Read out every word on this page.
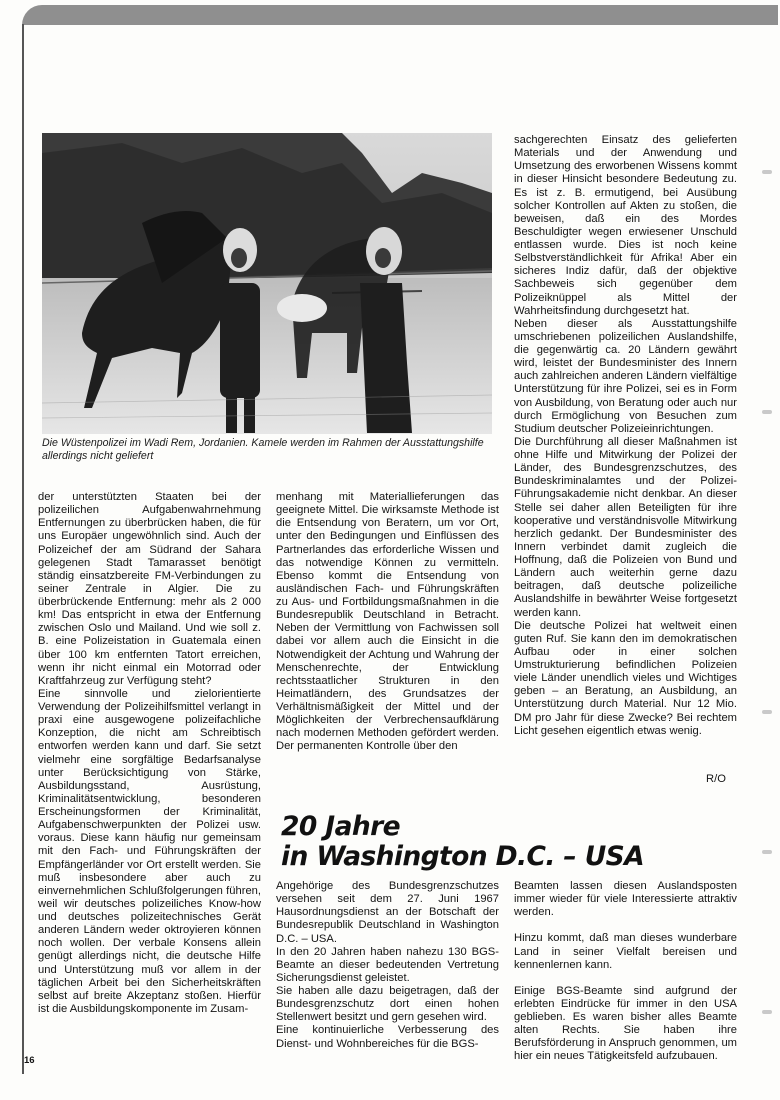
Die Wüstenpolizei im Wadi Rem, Jordanien. Kamele werden im Rahmen der Ausstattungshilfe allerdings nicht geliefert

sachgerechten Einsatz des gelieferten Materials und der Anwendung und Umsetzung des erworbenen Wissens kommt in dieser Hinsicht besondere Bedeutung zu. Es ist z. B. ermutigend, bei Ausübung solcher Kontrollen auf Akten zu stoßen, die beweisen, daß ein des Mordes Beschuldigter wegen erwiesener Unschuld entlassen wurde. Dies ist noch keine Selbstverständlichkeit für Afrika! Aber ein sicheres Indiz dafür, daß der objektive Sachbeweis sich gegenüber dem Polizeiknüppel als Mittel der Wahrheitsfindung durchgesetzt hat.

Neben dieser als Ausstattungshilfe umschriebenen polizeilichen Auslandshilfe, die gegenwärtig ca. 20 Ländern gewährt wird, leistet der Bundesminister des Innern auch zahlreichen anderen Ländern vielfältige Unterstützung für ihre Polizei, sei es in Form von Ausbildung, von Beratung oder auch nur durch Ermöglichung von Besuchen zum Studium deutscher Polizeieinrichtungen.

Die Durchführung all dieser Maßnahmen ist ohne Hilfe und Mitwirkung der Polizei der Länder, des Bundesgrenzschutzes, des Bundeskriminalamtes und der Polizei-Führungsakademie nicht denkbar. An dieser Stelle sei daher allen Beteiligten für ihre kooperative und verständnisvolle Mitwirkung herzlich gedankt. Der Bundesminister des Innern verbindet damit zugleich die Hoffnung, daß die Polizeien von Bund und Ländern auch weiterhin gerne dazu beitragen, daß deutsche polizeiliche Auslandshilfe in bewährter Weise fortgesetzt werden kann.

Die deutsche Polizei hat weltweit einen guten Ruf. Sie kann den im demokratischen Aufbau oder in einer solchen Umstrukturierung befindlichen Polizeien viele Länder unendlich vieles und Wichtiges geben – an Beratung, an Ausbildung, an Unterstützung durch Material. Nur 12 Mio. DM pro Jahr für diese Zwecke? Bei rechtem Licht gesehen eigentlich etwas wenig.

R/O

der unterstützten Staaten bei der polizeilichen Aufgabenwahrnehmung Entfernungen zu überbrücken haben, die für uns Europäer ungewöhnlich sind. Auch der Polizeichef der am Südrand der Sahara gelegenen Stadt Tamarasset benötigt ständig einsatzbereite FM-Verbindungen zu seiner Zentrale in Algier. Die zu überbrückende Entfernung: mehr als 2 000 km! Das entspricht in etwa der Entfernung zwischen Oslo und Mailand. Und wie soll z. B. eine Polizeistation in Guatemala einen über 100 km entfernten Tatort erreichen, wenn ihr nicht einmal ein Motorrad oder Kraftfahrzeug zur Verfügung steht?

Eine sinnvolle und zielorientierte Verwendung der Polizeihilfsmittel verlangt in praxi eine ausgewogene polizeifachliche Konzeption, die nicht am Schreibtisch entworfen werden kann und darf. Sie setzt vielmehr eine sorgfältige Bedarfsanalyse unter Berücksichtigung von Stärke, Ausbildungsstand, Ausrüstung, Kriminalitätsentwicklung, besonderen Erscheinungsformen der Kriminalität, Aufgabenschwerpunkten der Polizei usw. voraus. Diese kann häufig nur gemeinsam mit den Fach- und Führungskräften der Empfängerländer vor Ort erstellt werden. Sie muß insbesondere aber auch zu einvernehmlichen Schlußfolgerungen führen, weil wir deutsches polizeiliches Know-how und deutsches polizeitechnisches Gerät anderen Ländern weder oktroyieren können noch wollen. Der verbale Konsens allein genügt allerdings nicht, die deutsche Hilfe und Unterstützung muß vor allem in der täglichen Arbeit bei den Sicherheitskräften selbst auf breite Akzeptanz stoßen. Hierfür ist die Ausbildungskomponente im Zusam-

menhang mit Materiallieferungen das geeignete Mittel. Die wirksamste Methode ist die Entsendung von Beratern, um vor Ort, unter den Bedingungen und Einflüssen des Partnerlandes das erforderliche Wissen und das notwendige Können zu vermitteln. Ebenso kommt die Entsendung von ausländischen Fach- und Führungskräften zu Aus- und Fortbildungsmaßnahmen in die Bundesrepublik Deutschland in Betracht. Neben der Vermittlung von Fachwissen soll dabei vor allem auch die Einsicht in die Notwendigkeit der Achtung und Wahrung der Menschenrechte, der Entwicklung rechtsstaatlicher Strukturen in den Heimatländern, des Grundsatzes der Verhältnismäßigkeit der Mittel und der Möglichkeiten der Verbrechensaufklärung nach modernen Methoden gefördert werden. Der permanenten Kontrolle über den

20 Jahre
in Washington D.C. – USA

Angehörige des Bundesgrenzschutzes versehen seit dem 27. Juni 1967 Hausordnungsdienst an der Botschaft der Bundesrepublik Deutschland in Washington D.C. – USA.

In den 20 Jahren haben nahezu 130 BGS-Beamte an dieser bedeutenden Vertretung Sicherungsdienst geleistet.

Sie haben alle dazu beigetragen, daß der Bundesgrenzschutz dort einen hohen Stellenwert besitzt und gern gesehen wird.

Eine kontinuierliche Verbesserung des Dienst- und Wohnbereiches für die BGS-

Beamten lassen diesen Auslandsposten immer wieder für viele Interessierte attraktiv werden.

Hinzu kommt, daß man dieses wunderbare Land in seiner Vielfalt bereisen und kennenlernen kann.

Einige BGS-Beamte sind aufgrund der erlebten Eindrücke für immer in den USA geblieben. Es waren bisher alles Beamte alten Rechts. Sie haben ihre Berufsförderung in Anspruch genommen, um hier ein neues Tätigkeitsfeld aufzubauen.

16
